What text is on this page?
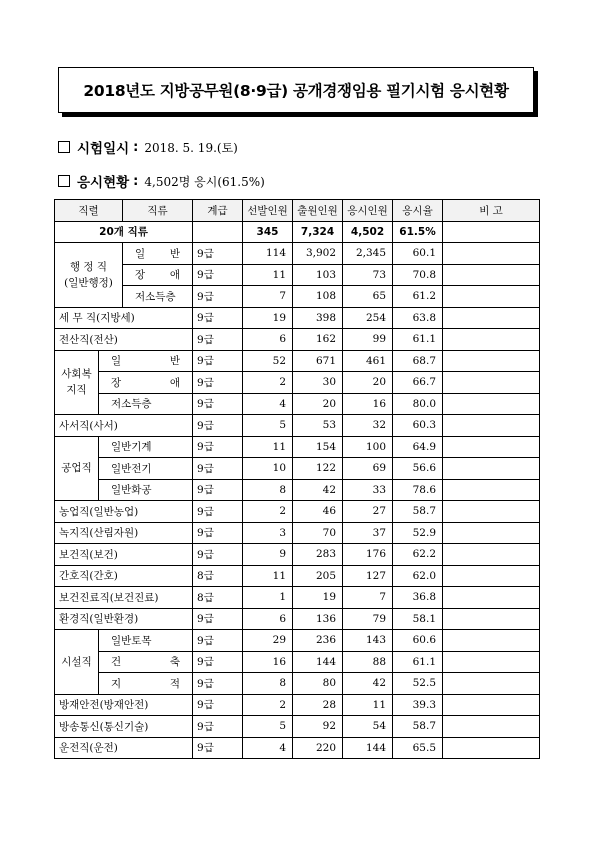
2018년도 지방공무원(8·9급) 공개경쟁임용 필기시험 응시현황
시험일시 : 2018. 5. 19.(토)
응시현황 : 4,502명 응시(61.5%)
직렬		직류	계급	선발인원	출원인원	응시인원	응시율	비 고
20개 직류				345	7,324	4,502	61.5%	
행 정 직
(일반행정)		일 반	9급	114	3,902	2,345	60.1	
		장 애	9급	11	103	73	70.8	
		저소득층	9급	7	108	65	61.2	
세 무 직(지방세)			9급	19	398	254	63.8	
전산직(전산)			9급	6	162	99	61.1	
사회복지직	일 반		9급	52	671	461	68.7	
	장 애		9급	2	30	20	66.7	
	저소득층		9급	4	20	16	80.0	
사서직(사서)			9급	5	53	32	60.3	
공업직	일반기계		9급	11	154	100	64.9	
	일반전기		9급	10	122	69	56.6	
	일반화공		9급	8	42	33	78.6	
농업직(일반농업)			9급	2	46	27	58.7	
녹지직(산림자원)			9급	3	70	37	52.9	
보건직(보건)			9급	9	283	176	62.2	
간호직(간호)			8급	11	205	127	62.0	
보건진료직(보건진료)			8급	1	19	7	36.8	
환경직(일반환경)			9급	6	136	79	58.1	
시설직	일반토목		9급	29	236	143	60.6	
	건 축		9급	16	144	88	61.1	
	지 적		9급	8	80	42	52.5	
방재안전(방재안전)			9급	2	28	11	39.3	
방송통신(통신기술)			9급	5	92	54	58.7	
운전직(운전)			9급	4	220	144	65.5	
